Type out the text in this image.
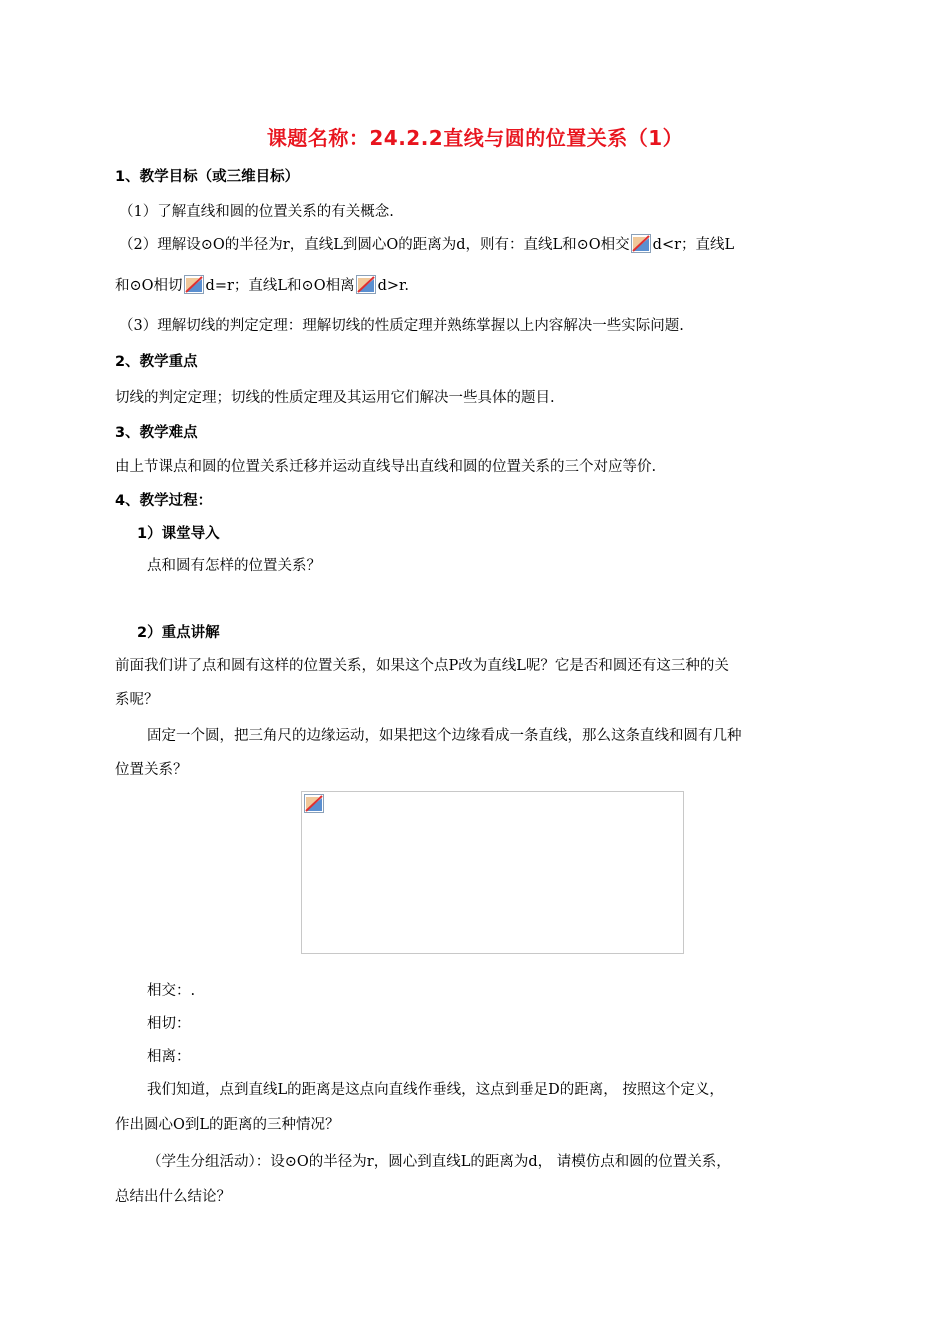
课题名称：24.2.2直线与圆的位置关系（1）
1、教学目标（或三维目标）
（1）了解直线和圆的位置关系的有关概念.
（2）理解设⊙O的半径为r，直线L到圆心O的距离为d，则有：直线L和⊙O相交 d<r；直线L
和⊙O相切 d=r；直线L和⊙O相离 d>r.
（3）理解切线的判定定理：理解切线的性质定理并熟练掌握以上内容解决一些实际问题.
2、教学重点
切线的判定定理；切线的性质定理及其运用它们解决一些具体的题目.
3、教学难点
由上节课点和圆的位置关系迁移并运动直线导出直线和圆的位置关系的三个对应等价.
4、教学过程：
1）课堂导入
点和圆有怎样的位置关系？
2）重点讲解
前面我们讲了点和圆有这样的位置关系，如果这个点P改为直线L呢？它是否和圆还有这三种的关
系呢？
固定一个圆，把三角尺的边缘运动，如果把这个边缘看成一条直线，那么这条直线和圆有几种
位置关系？
相交：.
相切：
相离：
我们知道，点到直线L的距离是这点向直线作垂线，这点到垂足D的距离， 按照这个定义，
作出圆心O到L的距离的三种情况？
（学生分组活动）：设⊙O的半径为r，圆心到直线L的距离为d， 请模仿点和圆的位置关系，
总结出什么结论？
